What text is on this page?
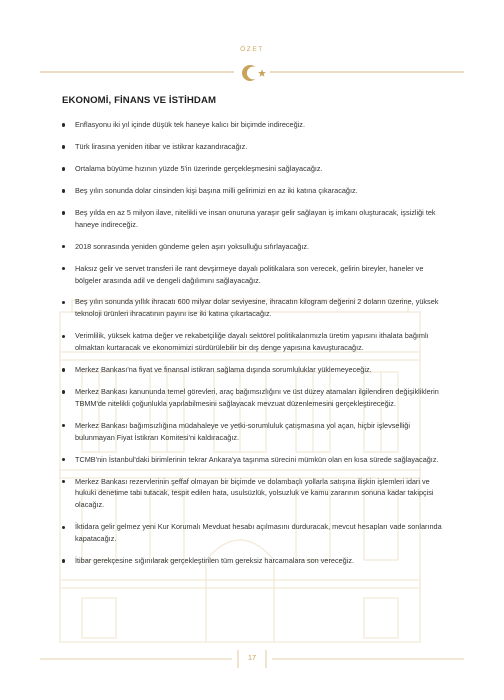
ÖZET
EKONOMİ, FİNANS VE İSTİHDAM
Enflasyonu iki yıl içinde düşük tek haneye kalıcı bir biçimde indireceğiz.
Türk lirasına yeniden itibar ve istikrar kazandıracağız.
Ortalama büyüme hızının yüzde 5'in üzerinde gerçekleşmesini sağlayacağız.
Beş yılın sonunda dolar cinsinden kişi başına milli gelirimizi en az iki katına çıkaracağız.
Beş yılda en az 5 milyon ilave, nitelikli ve insan onuruna yaraşır gelir sağlayan iş imkanı oluşturacak, işsizliği tek haneye indireceğiz.
2018 sonrasında yeniden gündeme gelen aşırı yoksulluğu sıfırlayacağız.
Haksız gelir ve servet transferi ile rant devşirmeye dayalı politikalara son verecek, gelirin bireyler, haneler ve bölgeler arasında adil ve dengeli dağılımını sağlayacağız.
Beş yılın sonunda yıllık ihracatı 600 milyar dolar seviyesine, ihracatın kilogram değerini 2 doların üzerine, yüksek teknoloji ürünleri ihracatının payını ise iki katına çıkartacağız.
Verimlilik, yüksek katma değer ve rekabetçiliğe dayalı sektörel politikalarımızla üretim yapısını ithalata bağımlı olmaktan kurtaracak ve ekonomimizi sürdürülebilir bir dış denge yapısına kavuşturacağız.
Merkez Bankası'na fiyat ve finansal istikrarı sağlama dışında sorumluluklar yüklemeyeceğiz.
Merkez Bankası kanununda temel görevleri, araç bağımsızlığını ve üst düzey atamaları ilgilendiren değişikliklerin TBMM'de nitelikli çoğunlukla yapılabilmesini sağlayacak mevzuat düzenlemesini gerçekleştireceğiz.
Merkez Bankası bağımsızlığına müdahaleye ve yetki-sorumluluk çatışmasına yol açan, hiçbir işlevselliği bulunmayan Fiyat İstikrarı Komitesi'ni kaldıracağız.
TCMB'nin İstanbul'daki birimlerinin tekrar Ankara'ya taşınma sürecini mümkün olan en kısa sürede sağlayacağız.
Merkez Bankası rezervlerinin şeffaf olmayan bir biçimde ve dolambaçlı yollarla satışına ilişkin işlemleri idari ve hukuki denetime tabi tutacak, tespit edilen hata, usulsüzlük, yolsuzluk ve kamu zararının sonuna kadar takipçisi olacağız.
İktidara gelir gelmez yeni Kur Korumalı Mevduat hesabı açılmasını durduracak, mevcut hesapları vade sonlarında kapatacağız.
İtibar gerekçesine sığınılarak gerçekleştirilen tüm gereksiz harcamalara son vereceğiz.
17
